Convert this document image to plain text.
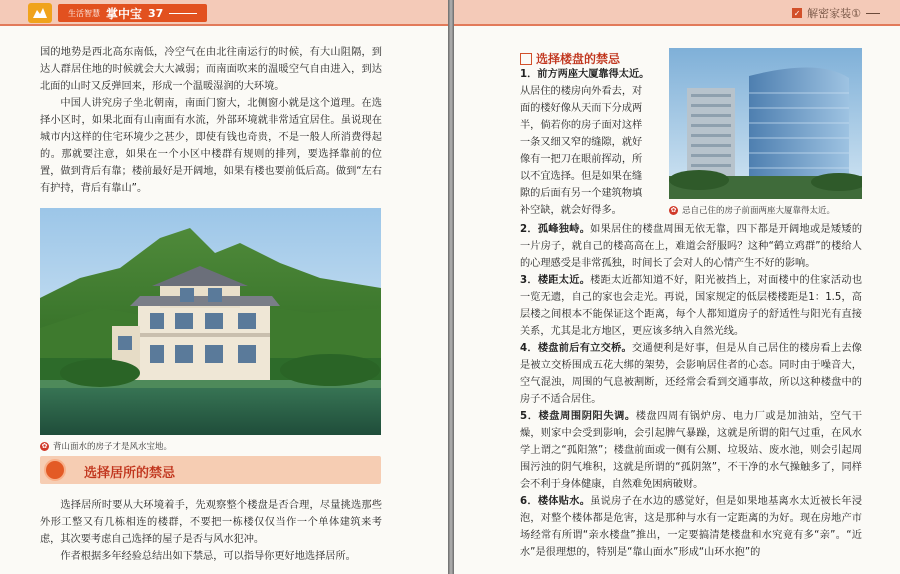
生活智慧 掌中宝 37

国的地势是西北高东南低，冷空气在由北往南运行的时候，有大山阻隔，到达人群居住地的时候就会大大减弱；而南面吹来的温暖空气自由进入，到达北面的山时又反弹回来，形成一个温暖湿润的大环境。

中国人讲究房子坐北朝南，南面门窗大，北侧窗小就是这个道理。在选择小区时，如果北面有山南面有水流，外部环境就非常适宜居住。虽说现在城市内这样的住宅环境少之甚少，即使有钱也奇贵，不是一般人所消费得起的。那就要注意，如果在一个小区中楼群有规则的排列，要选择靠前的位置，做到背后有靠；楼前最好是开阔地，如果有楼也要前低后高。做到“左右有护持，背后有靠山”。

✿ 背山面水的房子才是风水宝地。
选择居所的禁忌

选择居所时要从大环境着手，先观察整个楼盘是否合理，尽量挑选那些外形工整又有几栋相连的楼群，不要把一栋楼仅仅当作一个单体建筑来考虑，其次要考虑自己选择的屋子是否与风水犯冲。

作者根据多年经验总结出如下禁忌，可以指导你更好地选择居所。

✓ 解密家装①
选择楼盘的禁忌
✿ 忌自己住的房子前面两座大厦靠得太近。

1．前方两座大厦靠得太近。

从居住的楼房向外看去，对

面的楼好像从天而下分成两

半，倘若你的房子面对这样

一条又细又窄的缝隙，就好

像有一把刀在眼前挥动，所

以不宜选择。但是如果在缝

隙的后面有另一个建筑物填

补空缺，就会好得多。

2．孤峰独峙。如果居住的楼盘周围无依无靠，四下都是开阔地或是矮矮的一片房子，就自己的楼高高在上，难道会舒服吗？这种“鹤立鸡群”的楼给人的心理感受是非常孤独，时间长了会对人的心情产生不好的影响。

3．楼距太近。楼距太近都知道不好，阳光被挡上，对面楼中的住家活动也一览无遗，自己的家也会走光。再说，国家规定的低层楼楼距是1：1.5，高层楼之间根本不能保证这个距离，每个人都知道房子的舒适性与阳光有直接关系，尤其是北方地区，更应该多纳入自然光线。

4．楼盘前后有立交桥。交通便利是好事，但是从自己居住的楼房看上去像是被立交桥围成五花大绑的架势，会影响居住者的心态。同时由于噪音大，空气混浊，周围的气息被割断，还经常会看到交通事故，所以这种楼盘中的房子不适合居住。

5．楼盘周围阴阳失调。楼盘四周有锅炉房、电力厂或是加油站，空气干燥，则家中会受到影响，会引起脾气暴躁，这就是所谓的阳气过重，在风水学上谓之“孤阳煞”；楼盘前面或一侧有公厕、垃圾站、废水池，则会引起周围污浊的阴气堆积，这就是所谓的“孤阴煞”，不干净的水气操触多了，同样会不利于身体健康，自然难免困病破财。

6．楼体贴水。虽说房子在水边的感觉好，但是如果地基离水太近被长年浸泡，对整个楼体都是危害，这是那种与水有一定距离的为好。现在房地产市场经常有所谓“亲水楼盘”推出，一定要搞清楚楼盘和水究竟有多“亲”。“近水”是很理想的，特别是“靠山面水”形成“山环水抱”的
